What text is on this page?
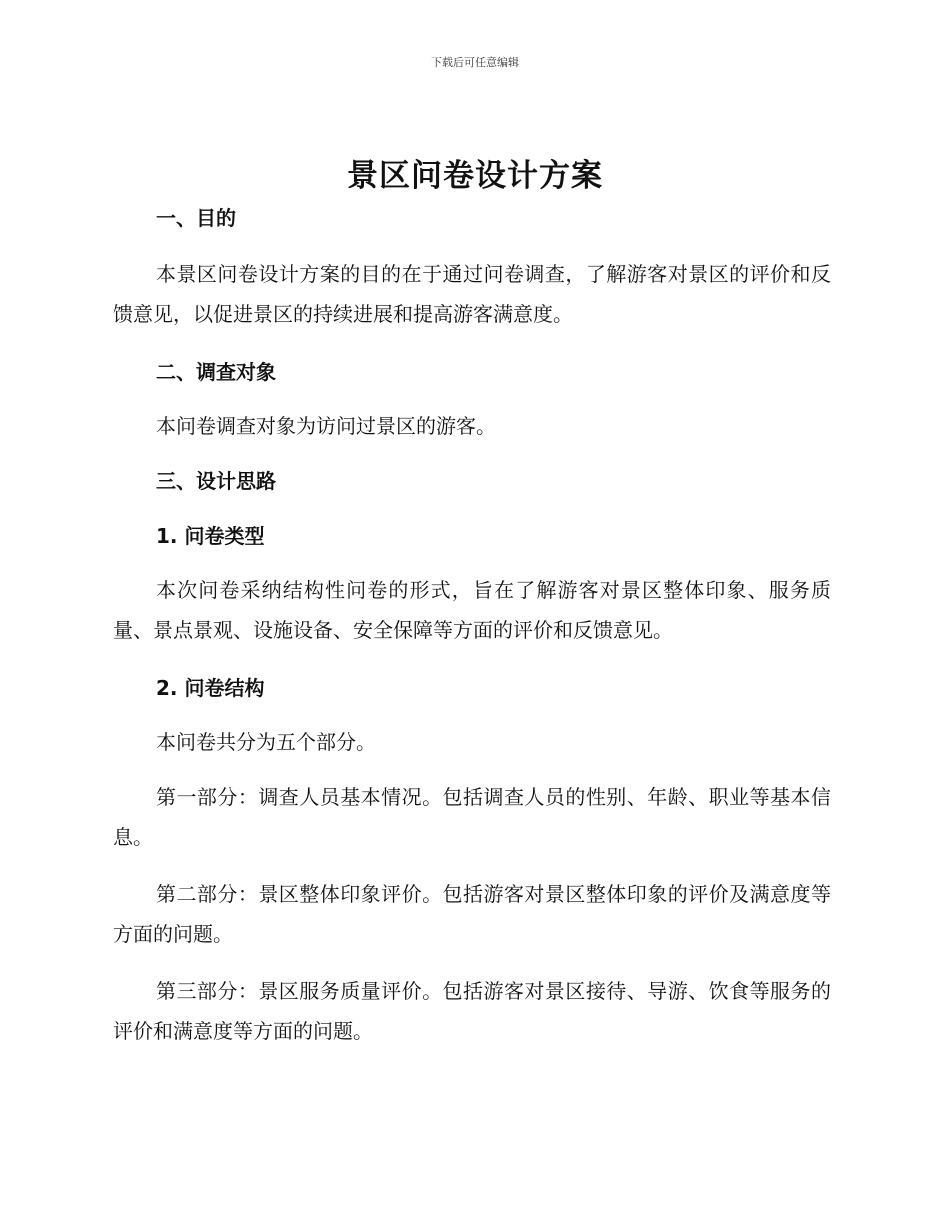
下载后可任意编辑
景区问卷设计方案
一、目的
本景区问卷设计方案的目的在于通过问卷调查，了解游客对景区的评价和反馈意见，以促进景区的持续进展和提高游客满意度。
二、调查对象
本问卷调查对象为访问过景区的游客。
三、设计思路
1. 问卷类型
本次问卷采纳结构性问卷的形式，旨在了解游客对景区整体印象、服务质量、景点景观、设施设备、安全保障等方面的评价和反馈意见。
2. 问卷结构
本问卷共分为五个部分。
第一部分：调查人员基本情况。包括调查人员的性别、年龄、职业等基本信息。
第二部分：景区整体印象评价。包括游客对景区整体印象的评价及满意度等方面的问题。
第三部分：景区服务质量评价。包括游客对景区接待、导游、饮食等服务的评价和满意度等方面的问题。
